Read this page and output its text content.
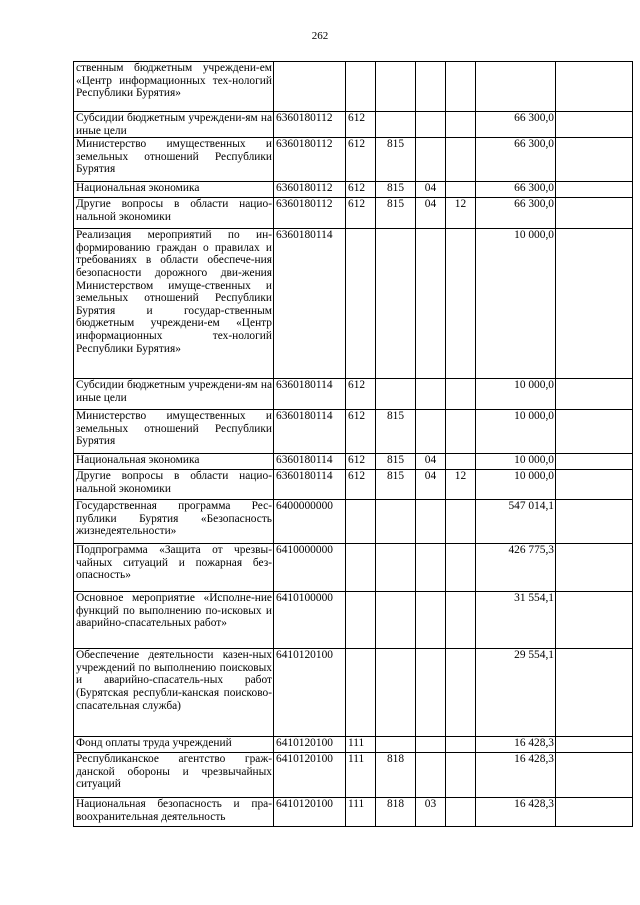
262
ственным бюджетным учреждени-ем «Центр информационных тех-нологий Республики Бурятия»							
Субсидии бюджетным учреждени-ям на иные цели	6360180112	612				66 300,0	
Министерство имущественных и земельных отношений Республики Бурятия	6360180112	612	815			66 300,0	
Национальная экономика	6360180112	612	815	04		66 300,0	
Другие вопросы в области нацио-нальной экономики	6360180112	612	815	04	12	66 300,0	
Реализация мероприятий по ин-формированию граждан о правилах и требованиях в области обеспече-ния безопасности дорожного дви-жения Министерством имуще-ственных и земельных отношений Республики Бурятия и государ-ственным бюджетным учреждени-ем «Центр информационных тех-нологий Республики Бурятия»	6360180114					10 000,0	
Субсидии бюджетным учреждени-ям на иные цели	6360180114	612				10 000,0	
Министерство имущественных и земельных отношений Республики Бурятия	6360180114	612	815			10 000,0	
Национальная экономика	6360180114	612	815	04		10 000,0	
Другие вопросы в области нацио-нальной экономики	6360180114	612	815	04	12	10 000,0	
Государственная программа Рес-публики Бурятия «Безопасность жизнедеятельности»	6400000000					547 014,1	
Подпрограмма «Защита от чрезвы-чайных ситуаций и пожарная без-опасность»	6410000000					426 775,3	
Основное мероприятие «Исполне-ние функций по выполнению по-исковых и аварийно-спасательных работ»	6410100000					31 554,1	
Обеспечение деятельности казен-ных учреждений по выполнению поисковых и аварийно-спасатель-ных работ (Бурятская республи-канская поисково-спасательная служба)	6410120100					29 554,1	
Фонд оплаты труда учреждений	6410120100	111				16 428,3	
Республиканское агентство граж-данской обороны и чрезвычайных ситуаций	6410120100	111	818			16 428,3	
Национальная безопасность и пра-воохранительная деятельность	6410120100	111	818	03		16 428,3	
